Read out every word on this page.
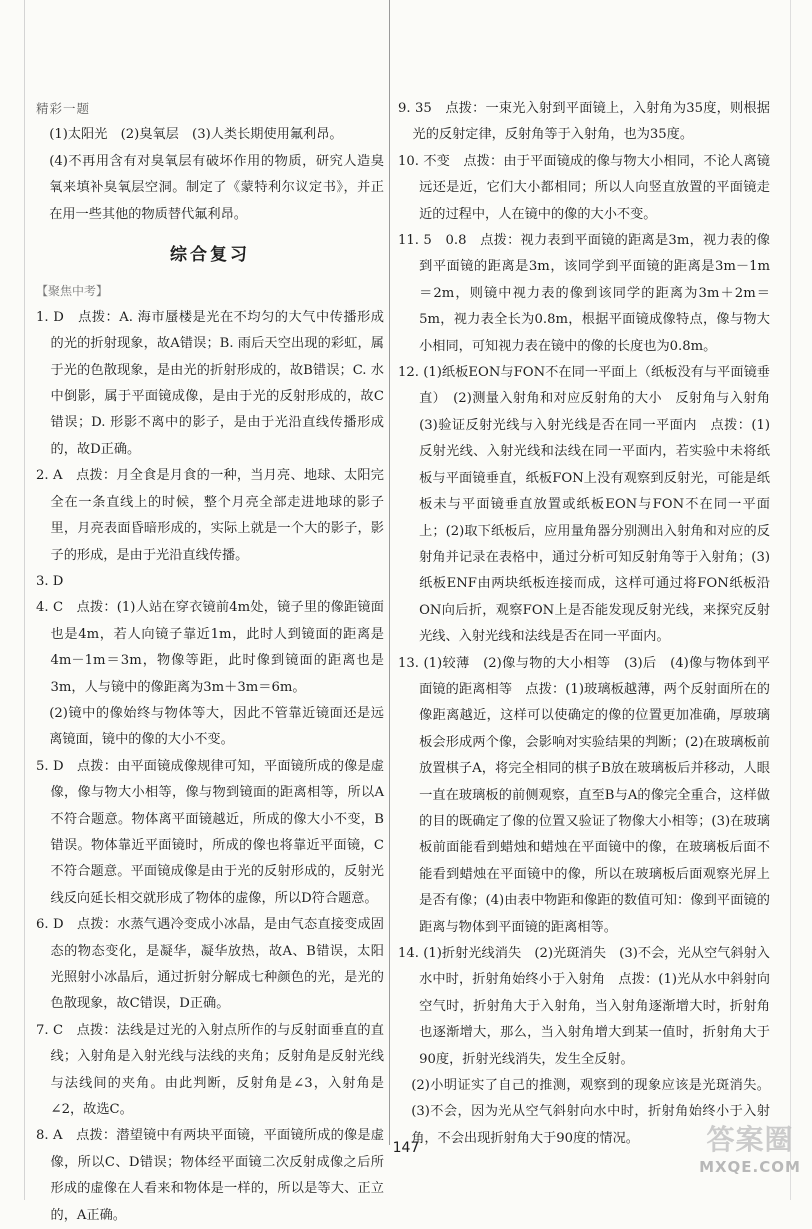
精彩一题

(1)太阳光　(2)臭氧层　(3)人类长期使用氟利昂。

(4)不再用含有对臭氧层有破坏作用的物质，研究人造臭氧来填补臭氧层空洞。制定了《蒙特利尔议定书》，并正在用一些其他的物质替代氟利昂。

综合复习

【聚焦中考】

1. D　点拨：A. 海市蜃楼是光在不均匀的大气中传播形成的光的折射现象，故A错误；B. 雨后天空出现的彩虹，属于光的色散现象，是由光的折射形成的，故B错误；C. 水中倒影，属于平面镜成像，是由于光的反射形成的，故C错误；D. 形影不离中的影子，是由于光沿直线传播形成的，故D正确。

2. A　点拨：月全食是月食的一种，当月亮、地球、太阳完全在一条直线上的时候，整个月亮全部走进地球的影子里，月亮表面昏暗形成的，实际上就是一个大的影子，影子的形成，是由于光沿直线传播。

3. D

4. C　点拨：(1)人站在穿衣镜前4m处，镜子里的像距镜面也是4m，若人向镜子靠近1m，此时人到镜面的距离是4m－1m＝3m，物像等距，此时像到镜面的距离也是3m，人与镜中的像距离为3m＋3m＝6m。

(2)镜中的像始终与物体等大，因此不管靠近镜面还是远离镜面，镜中的像的大小不变。

5. D　点拨：由平面镜成像规律可知，平面镜所成的像是虚像，像与物大小相等，像与物到镜面的距离相等，所以A不符合题意。物体离平面镜越近，所成的像大小不变，B错误。物体靠近平面镜时，所成的像也将靠近平面镜，C不符合题意。平面镜成像是由于光的反射形成的，反射光线反向延长相交就形成了物体的虚像，所以D符合题意。

6. D　点拨：水蒸气遇冷变成小冰晶，是由气态直接变成固态的物态变化，是凝华，凝华放热，故A、B错误，太阳光照射小冰晶后，通过折射分解成七种颜色的光，是光的色散现象，故C错误，D正确。

7. C　点拨：法线是过光的入射点所作的与反射面垂直的直线；入射角是入射光线与法线的夹角；反射角是反射光线与法线间的夹角。由此判断，反射角是∠3，入射角是∠2，故选C。

8. A　点拨：潜望镜中有两块平面镜，平面镜所成的像是虚像，所以C、D错误；物体经平面镜二次反射成像之后所形成的虚像在人看来和物体是一样的，所以是等大、正立的，A正确。

9. 35　点拨：一束光入射到平面镜上，入射角为35度，则根据光的反射定律，反射角等于入射角，也为35度。

10. 不变　点拨：由于平面镜成的像与物大小相同，不论人离镜远还是近，它们大小都相同；所以人向竖直放置的平面镜走近的过程中，人在镜中的像的大小不变。

11. 5　0.8　点拨：视力表到平面镜的距离是3m，视力表的像到平面镜的距离是3m，该同学到平面镜的距离是3m－1m＝2m，则镜中视力表的像到该同学的距离为3m＋2m＝5m，视力表全长为0.8m，根据平面镜成像特点，像与物大小相同，可知视力表在镜中的像的长度也为0.8m。

12. (1)纸板EON与FON不在同一平面上（纸板没有与平面镜垂直）　(2)测量入射角和对应反射角的大小　反射角与入射角　(3)验证反射光线与入射光线是否在同一平面内　点拨：(1)反射光线、入射光线和法线在同一平面内，若实验中未将纸板与平面镜垂直，纸板FON上没有观察到反射光，可能是纸板未与平面镜垂直放置或纸板EON与FON不在同一平面上；(2)取下纸板后，应用量角器分别测出入射角和对应的反射角并记录在表格中，通过分析可知反射角等于入射角；(3)纸板ENF由两块纸板连接而成，这样可通过将FON纸板沿ON向后折，观察FON上是否能发现反射光线，来探究反射光线、入射光线和法线是否在同一平面内。

13. (1)较薄　(2)像与物的大小相等　(3)后　(4)像与物体到平面镜的距离相等　点拨：(1)玻璃板越薄，两个反射面所在的像距离越近，这样可以使确定的像的位置更加准确，厚玻璃板会形成两个像，会影响对实验结果的判断；(2)在玻璃板前放置棋子A，将完全相同的棋子B放在玻璃板后并移动，人眼一直在玻璃板的前侧观察，直至B与A的像完全重合，这样做的目的既确定了像的位置又验证了物像大小相等；(3)在玻璃板前面能看到蜡烛和蜡烛在平面镜中的像，在玻璃板后面不能看到蜡烛在平面镜中的像，所以在玻璃板后面观察光屏上是否有像；(4)由表中物距和像距的数值可知：像到平面镜的距离与物体到平面镜的距离相等。

14. (1)折射光线消失　(2)光斑消失　(3)不会，光从空气斜射入水中时，折射角始终小于入射角　点拨：(1)光从水中斜射向空气时，折射角大于入射角，当入射角逐渐增大时，折射角也逐渐增大，那么，当入射角增大到某一值时，折射角大于90度，折射光线消失，发生全反射。

(2)小明证实了自己的推测，观察到的现象应该是光斑消失。(3)不会，因为光从空气斜射向水中时，折射角始终小于入射角，不会出现折射角大于90度的情况。

147	答案圈
MXQE.COM
